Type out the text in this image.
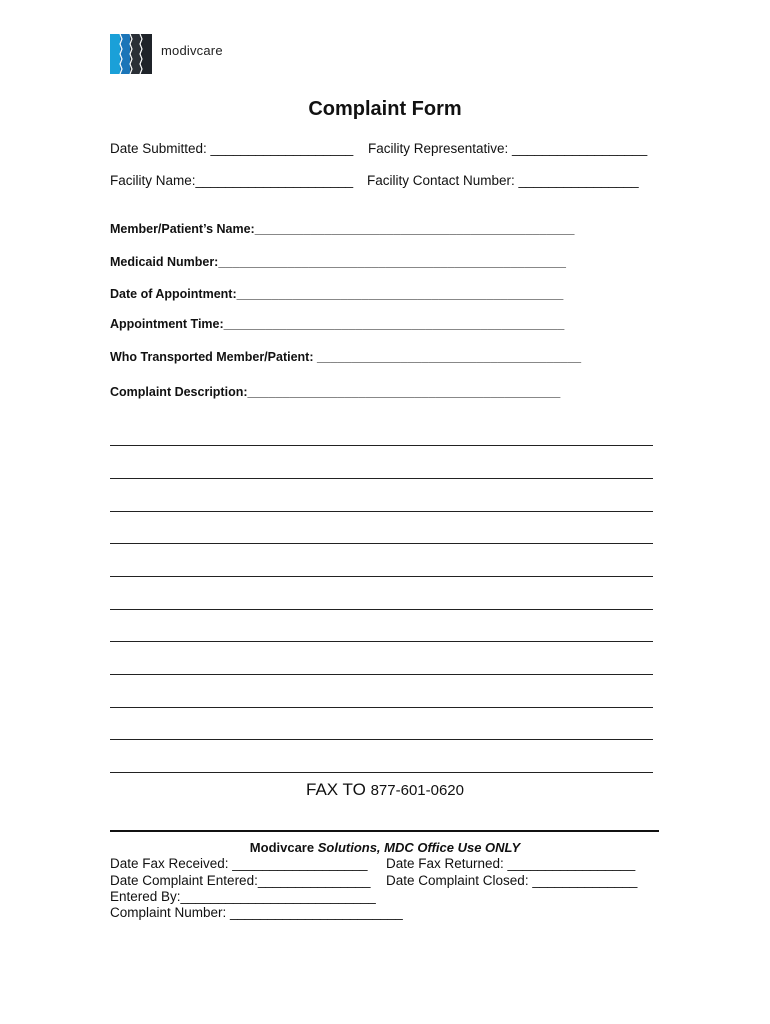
modivcare
Complaint Form
Date Submitted: ___________________ Facility Representative: __________________
Facility Name:_____________________ Facility Contact Number: ________________
Member/Patient’s Name:______________________________________________
Medicaid Number:__________________________________________________
Date of Appointment:_______________________________________________
Appointment Time:_________________________________________________
Who Transported Member/Patient: ______________________________________
Complaint Description:_____________________________________________
FAX TO 877-601-0620
Modivcare Solutions, MDC Office Use ONLY
Date Fax Received: __________________ Date Fax Returned: _________________
Date Complaint Entered:_______________ Date Complaint Closed: ______________
Entered By:__________________________
Complaint Number: _______________________
